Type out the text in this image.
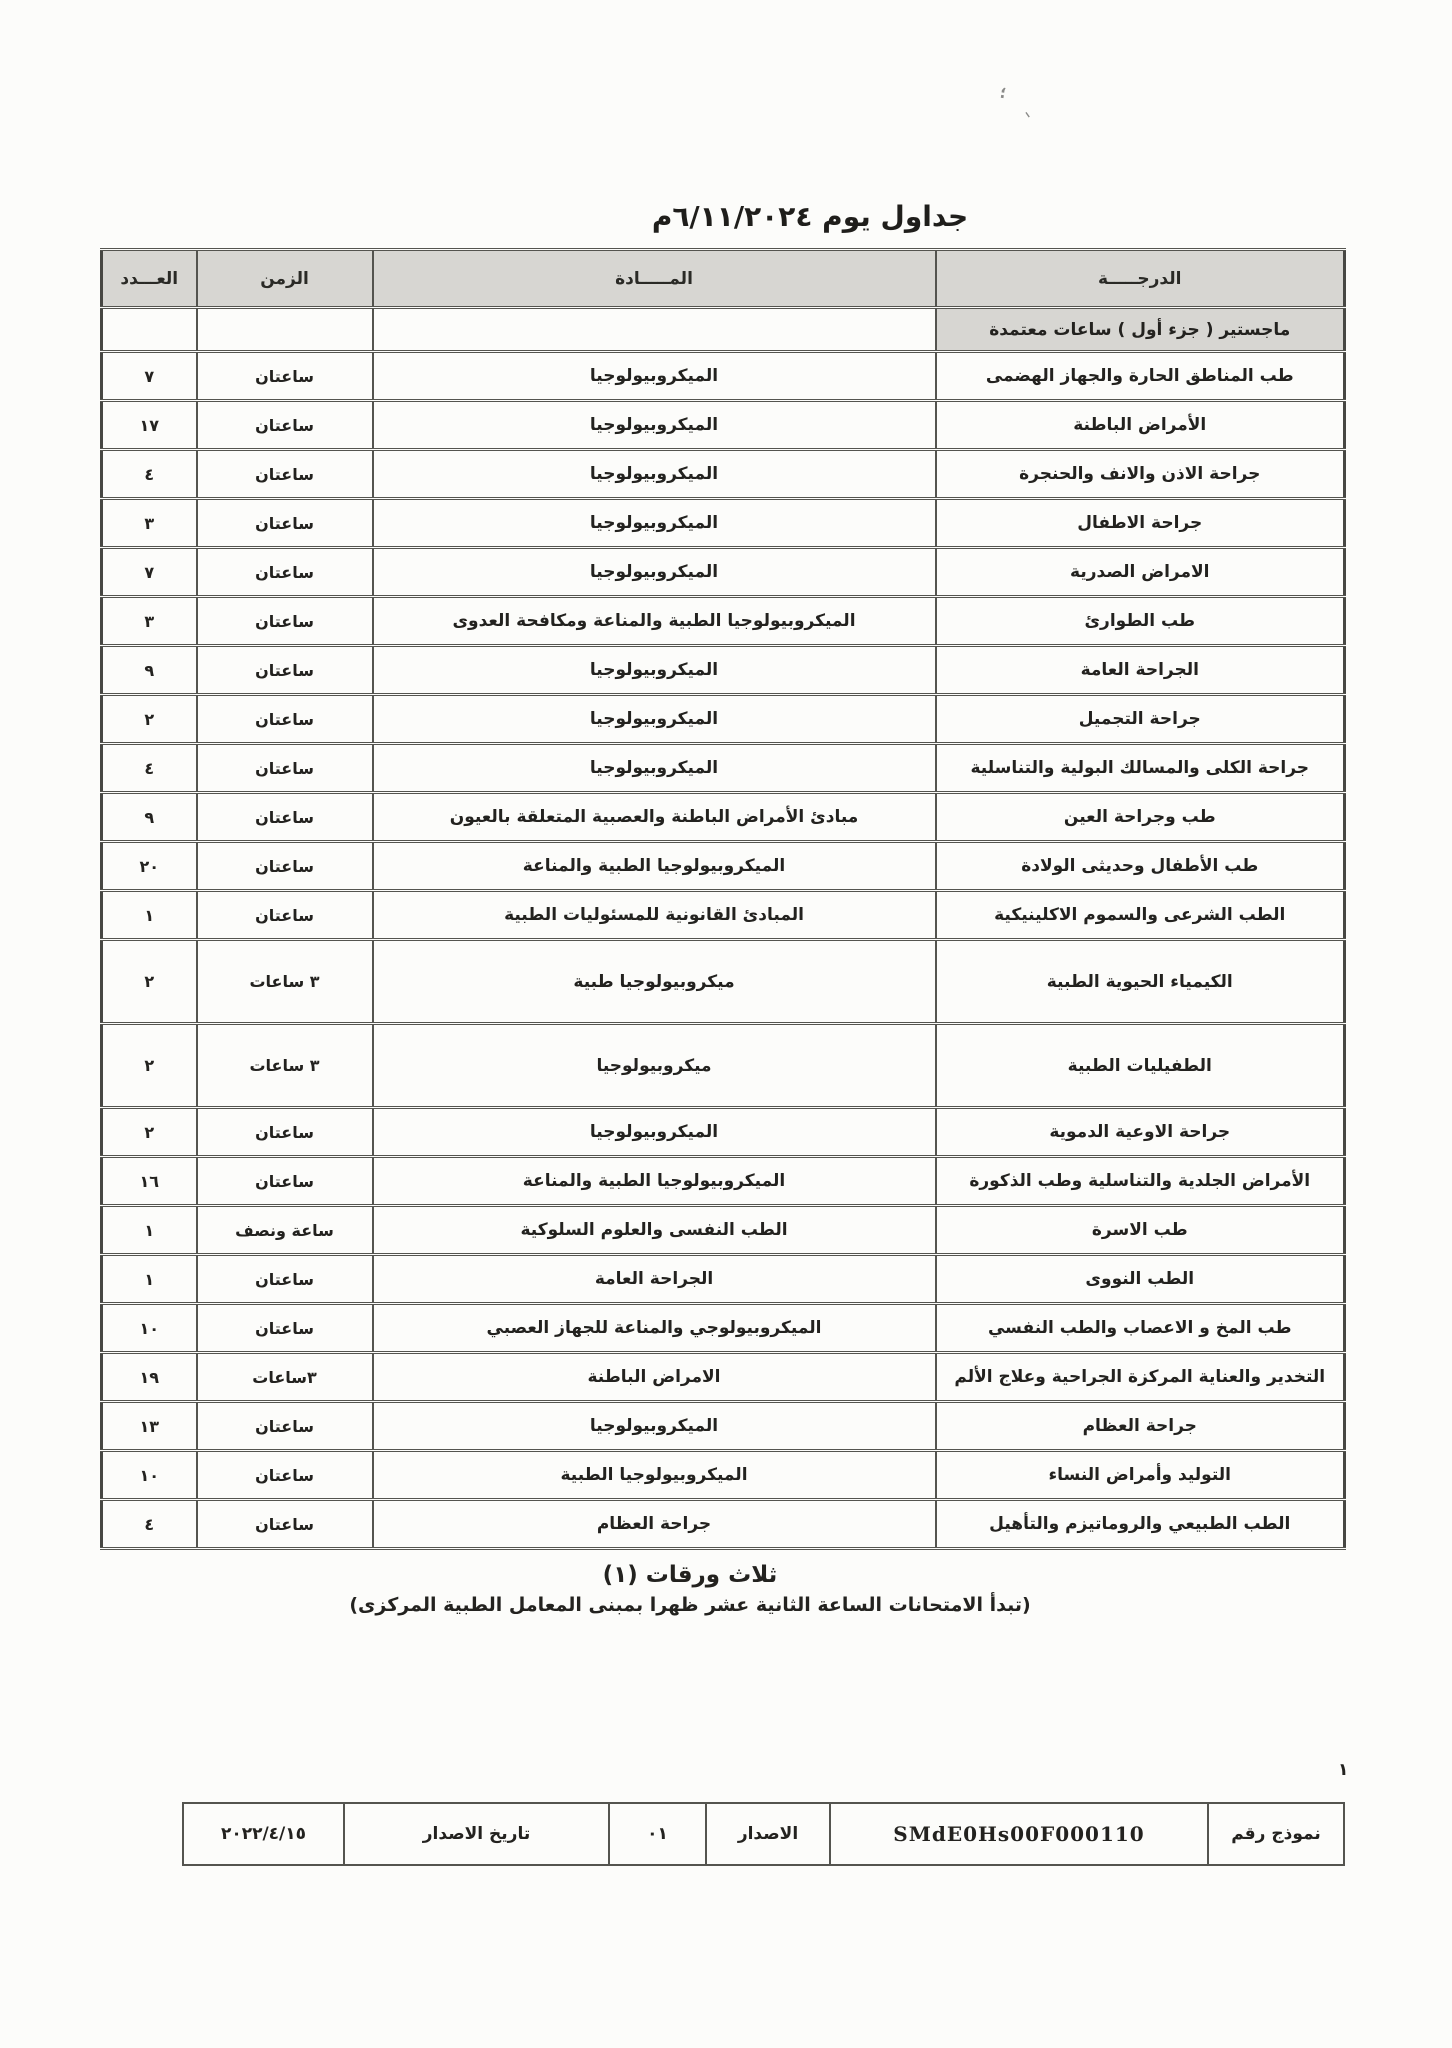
؛
ٰ
جداول يوم ٦/١١/٢٠٢٤م
الدرجـــــة	المـــــادة	الزمن	العـــدد
ماجستير ( جزء أول ) ساعات معتمدة			
طب المناطق الحارة والجهاز الهضمى	الميكروبيولوجيا	ساعتان	٧
الأمراض الباطنة	الميكروبيولوجيا	ساعتان	١٧
جراحة الاذن والانف والحنجرة	الميكروبيولوجيا	ساعتان	٤
جراحة الاطفال	الميكروبيولوجيا	ساعتان	٣
الامراض الصدرية	الميكروبيولوجيا	ساعتان	٧
طب الطوارئ	الميكروبيولوجيا الطبية والمناعة ومكافحة العدوى	ساعتان	٣
الجراحة العامة	الميكروبيولوجيا	ساعتان	٩
جراحة التجميل	الميكروبيولوجيا	ساعتان	٢
جراحة الكلى والمسالك البولية والتناسلية	الميكروبيولوجيا	ساعتان	٤
طب وجراحة العين	مبادئ الأمراض الباطنة والعصبية المتعلقة بالعيون	ساعتان	٩
طب الأطفال وحديثى الولادة	الميكروبيولوجيا الطبية والمناعة	ساعتان	٢٠
الطب الشرعى والسموم الاكلينيكية	المبادئ القانونية للمسئوليات الطبية	ساعتان	١
الكيمياء الحيوية الطبية	ميكروبيولوجيا طبية	٣ ساعات	٢
الطفيليات الطبية	ميكروبيولوجيا	٣ ساعات	٢
جراحة الاوعية الدموية	الميكروبيولوجيا	ساعتان	٢
الأمراض الجلدية والتناسلية وطب الذكورة	الميكروبيولوجيا الطبية والمناعة	ساعتان	١٦
طب الاسرة	الطب النفسى والعلوم السلوكية	ساعة ونصف	١
الطب النووى	الجراحة العامة	ساعتان	١
طب المخ و الاعصاب والطب النفسي	الميكروبيولوجي والمناعة للجهاز العصبي	ساعتان	١٠
التخدير والعناية المركزة الجراحية وعلاج الألم	الامراض الباطنة	٣ساعات	١٩
جراحة العظام	الميكروبيولوجيا	ساعتان	١٣
التوليد وأمراض النساء	الميكروبيولوجيا الطبية	ساعتان	١٠
الطب الطبيعي والروماتيزم والتأهيل	جراحة العظام	ساعتان	٤

ثلاث ورقات (١)

(تبدأ الامتحانات الساعة الثانية عشر ظهرا بمبنى المعامل الطبية المركزى)

١
نموذج رقم	SMdE0Hs00F000110	الاصدار	٠١	تاريخ الاصدار	٢٠٢٢/٤/١٥
